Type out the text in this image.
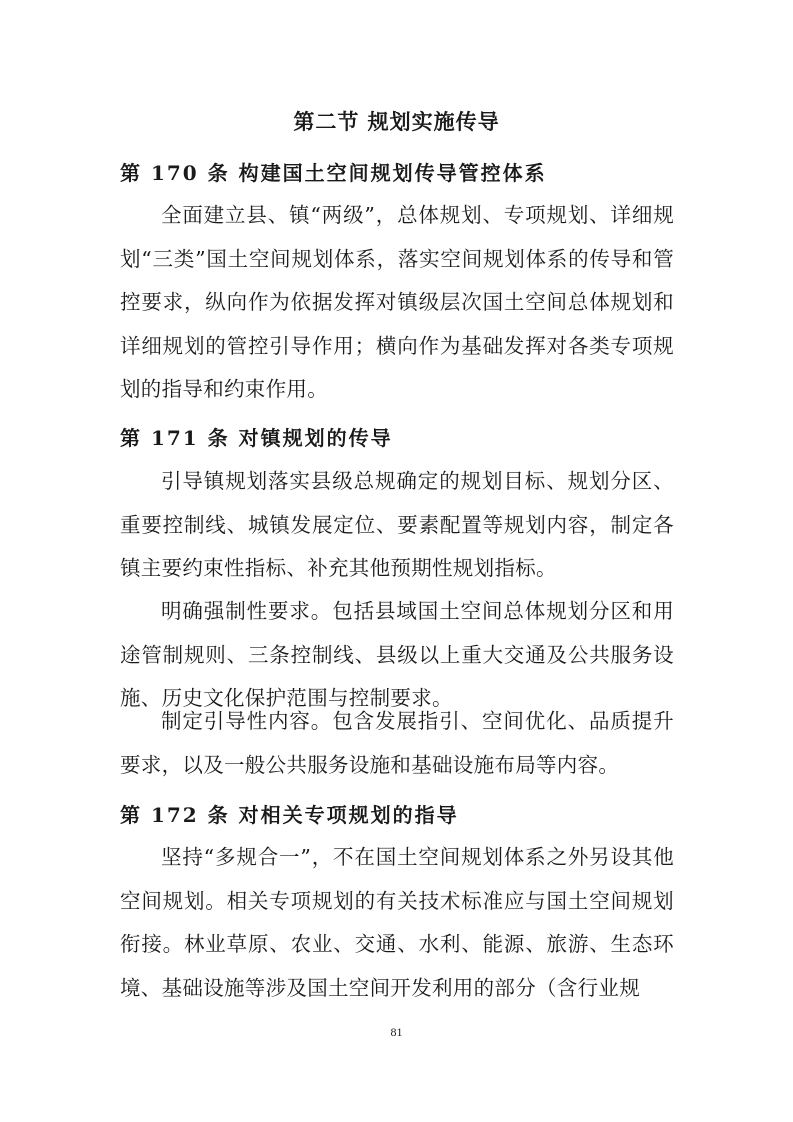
第二节 规划实施传导
第 170 条 构建国土空间规划传导管控体系

全面建立县、镇“两级”，总体规划、专项规划、详细规划“三类”国土空间规划体系，落实空间规划体系的传导和管控要求，纵向作为依据发挥对镇级层次国土空间总体规划和详细规划的管控引导作用；横向作为基础发挥对各类专项规划的指导和约束作用。

第 171 条 对镇规划的传导

引导镇规划落实县级总规确定的规划目标、规划分区、重要控制线、城镇发展定位、要素配置等规划内容，制定各镇主要约束性指标、补充其他预期性规划指标。

明确强制性要求。包括县域国土空间总体规划分区和用途管制规则、三条控制线、县级以上重大交通及公共服务设施、历史文化保护范围与控制要求。

制定引导性内容。包含发展指引、空间优化、品质提升要求，以及一般公共服务设施和基础设施布局等内容。

第 172 条 对相关专项规划的指导

坚持“多规合一”，不在国土空间规划体系之外另设其他空间规划。相关专项规划的有关技术标准应与国土空间规划衔接。林业草原、农业、交通、水利、能源、旅游、生态环境、基础设施等涉及国土空间开发利用的部分（含行业规

81
